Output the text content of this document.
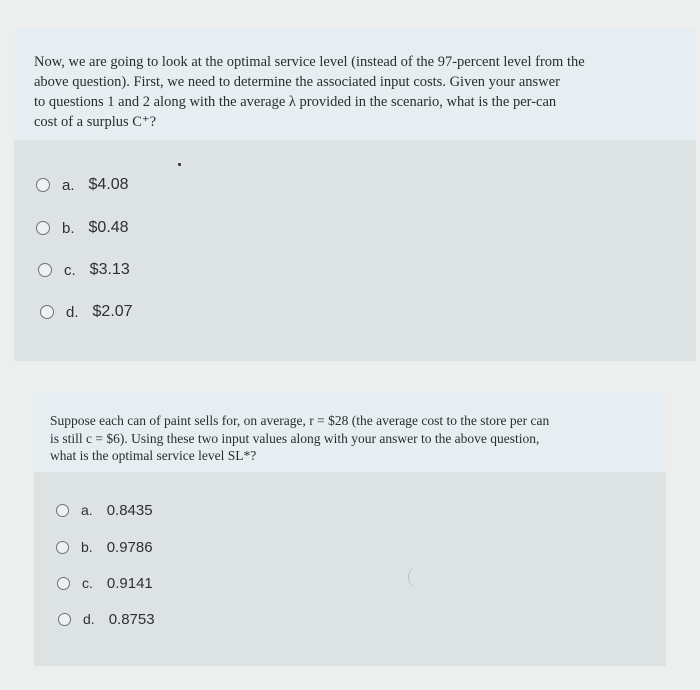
Now, we are going to look at the optimal service level (instead of the 97-percent level from the
above question). First, we need to determine the associated input costs. Given your answer
to questions 1 and 2 along with the average λ provided in the scenario, what is the per-can
cost of a surplus C⁺?
a. $4.08
b. $0.48
c. $3.13
d. $2.07
Suppose each can of paint sells for, on average, r = $28 (the average cost to the store per can
is still c = $6). Using these two input values along with your answer to the above question,
what is the optimal service level SL*?
a. 0.8435
b. 0.9786
c. 0.9141
d. 0.8753
